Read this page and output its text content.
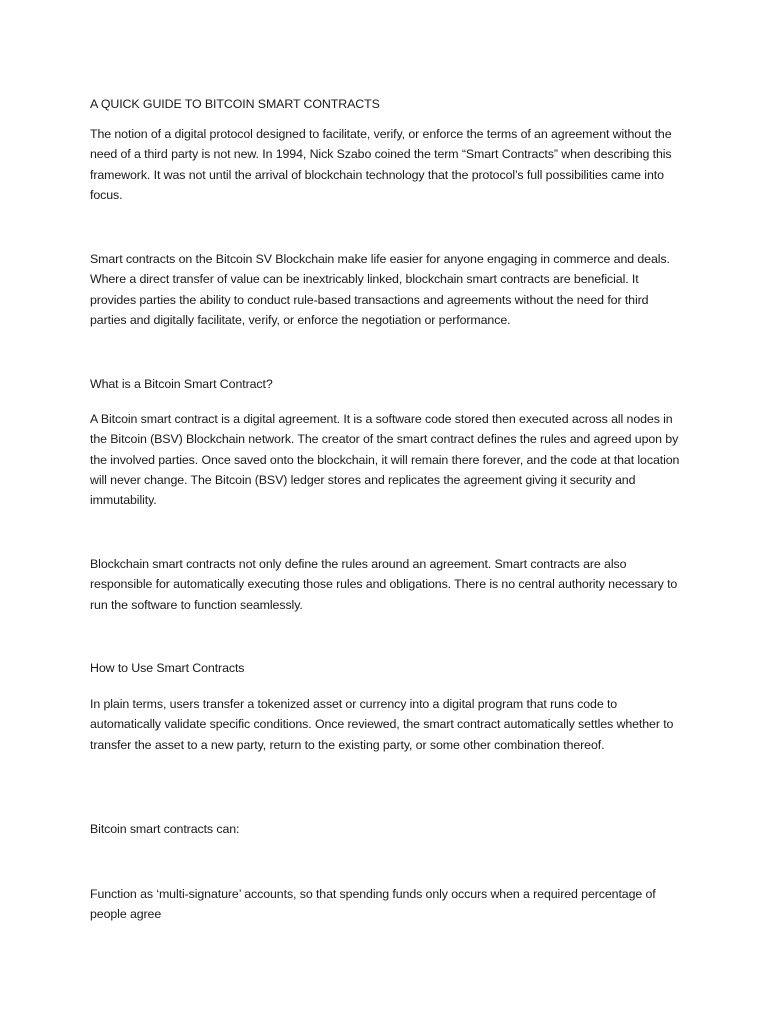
A QUICK GUIDE TO BITCOIN SMART CONTRACTS

The notion of a digital protocol designed to facilitate, verify, or enforce the terms of an agreement without the need of a third party is not new. In 1994, Nick Szabo coined the term “Smart Contracts” when describing this framework. It was not until the arrival of blockchain technology that the protocol’s full possibilities came into focus.

Smart contracts on the Bitcoin SV Blockchain make life easier for anyone engaging in commerce and deals. Where a direct transfer of value can be inextricably linked, blockchain smart contracts are beneficial. It provides parties the ability to conduct rule-based transactions and agreements without the need for third parties and digitally facilitate, verify, or enforce the negotiation or performance.

What is a Bitcoin Smart Contract?

A Bitcoin smart contract is a digital agreement. It is a software code stored then executed across all nodes in the Bitcoin (BSV) Blockchain network. The creator of the smart contract defines the rules and agreed upon by the involved parties. Once saved onto the blockchain, it will remain there forever, and the code at that location will never change. The Bitcoin (BSV) ledger stores and replicates the agreement giving it security and immutability.

Blockchain smart contracts not only define the rules around an agreement. Smart contracts are also responsible for automatically executing those rules and obligations. There is no central authority necessary to run the software to function seamlessly.

How to Use Smart Contracts

In plain terms, users transfer a tokenized asset or currency into a digital program that runs code to automatically validate specific conditions. Once reviewed, the smart contract automatically settles whether to transfer the asset to a new party, return to the existing party, or some other combination thereof.

Bitcoin smart contracts can:

Function as ‘multi-signature’ accounts, so that spending funds only occurs when a required percentage of people agree
